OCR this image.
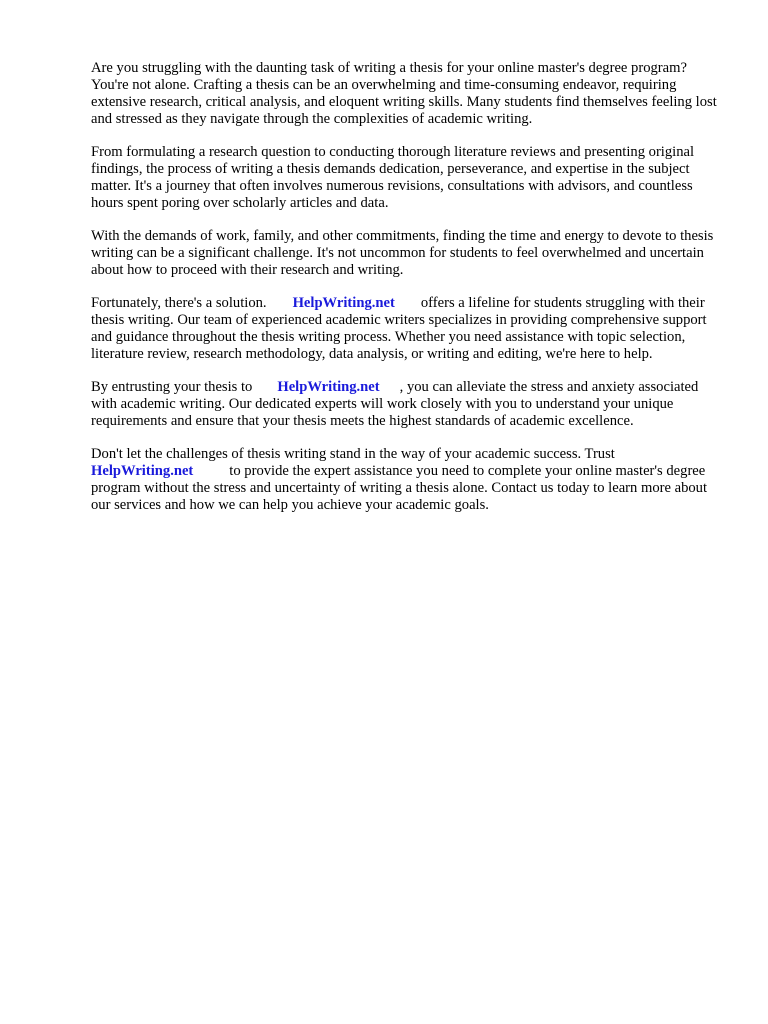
Are you struggling with the daunting task of writing a thesis for your online master's degree program? You're not alone. Crafting a thesis can be an overwhelming and time-consuming endeavor, requiring extensive research, critical analysis, and eloquent writing skills. Many students find themselves feeling lost and stressed as they navigate through the complexities of academic writing.

From formulating a research question to conducting thorough literature reviews and presenting original findings, the process of writing a thesis demands dedication, perseverance, and expertise in the subject matter. It's a journey that often involves numerous revisions, consultations with advisors, and countless hours spent poring over scholarly articles and data.

With the demands of work, family, and other commitments, finding the time and energy to devote to thesis writing can be a significant challenge. It's not uncommon for students to feel overwhelmed and uncertain about how to proceed with their research and writing.

Fortunately, there's a solution. HelpWriting.net offers a lifeline for students struggling with their thesis writing. Our team of experienced academic writers specializes in providing comprehensive support and guidance throughout the thesis writing process. Whether you need assistance with topic selection, literature review, research methodology, data analysis, or writing and editing, we're here to help.

By entrusting your thesis to HelpWriting.net , you can alleviate the stress and anxiety associated with academic writing. Our dedicated experts will work closely with you to understand your unique requirements and ensure that your thesis meets the highest standards of academic excellence.

Don't let the challenges of thesis writing stand in the way of your academic success. Trust HelpWriting.net to provide the expert assistance you need to complete your online master's degree program without the stress and uncertainty of writing a thesis alone. Contact us today to learn more about our services and how we can help you achieve your academic goals.
